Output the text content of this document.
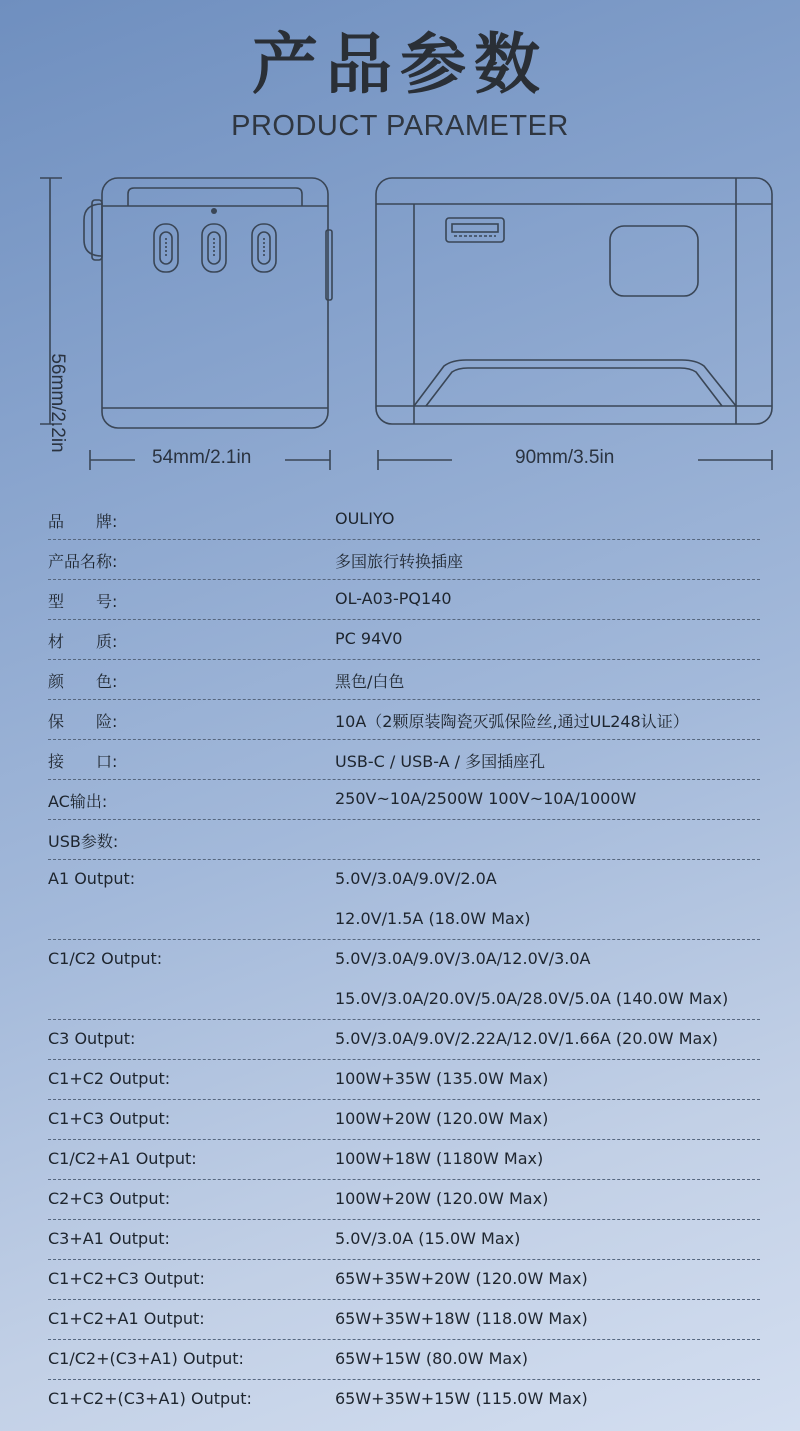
产品参数
PRODUCT PARAMETER
54mm/2.1in	90mm/3.5in
56mm/2.2in
品　　牌:	OULIYO
产品名称:	多国旅行转换插座
型　　号:	OL-A03-PQ140
材　　质:	PC 94V0
颜　　色:	黑色/白色
保　　险:	10A（2颗原装陶瓷灭弧保险丝,通过UL248认证）
接　　口:	USB-C / USB-A / 多国插座孔
AC输出:	250V~10A/2500W 100V~10A/1000W
USB参数:
A1 Output:	5.0V/3.0A/9.0V/2.0A
12.0V/1.5A (18.0W Max)
C1/C2 Output:	5.0V/3.0A/9.0V/3.0A/12.0V/3.0A
15.0V/3.0A/20.0V/5.0A/28.0V/5.0A (140.0W Max)
C3 Output:	5.0V/3.0A/9.0V/2.22A/12.0V/1.66A (20.0W Max)
C1+C2 Output:	100W+35W (135.0W Max)
C1+C3 Output:	100W+20W (120.0W Max)
C1/C2+A1 Output:	100W+18W (1180W Max)
C2+C3 Output:	100W+20W (120.0W Max)
C3+A1 Output:	5.0V/3.0A (15.0W Max)
C1+C2+C3 Output:	65W+35W+20W (120.0W Max)
C1+C2+A1 Output:	65W+35W+18W (118.0W Max)
C1/C2+(C3+A1) Output:	65W+15W (80.0W Max)
C1+C2+(C3+A1) Output:	65W+35W+15W (115.0W Max)
